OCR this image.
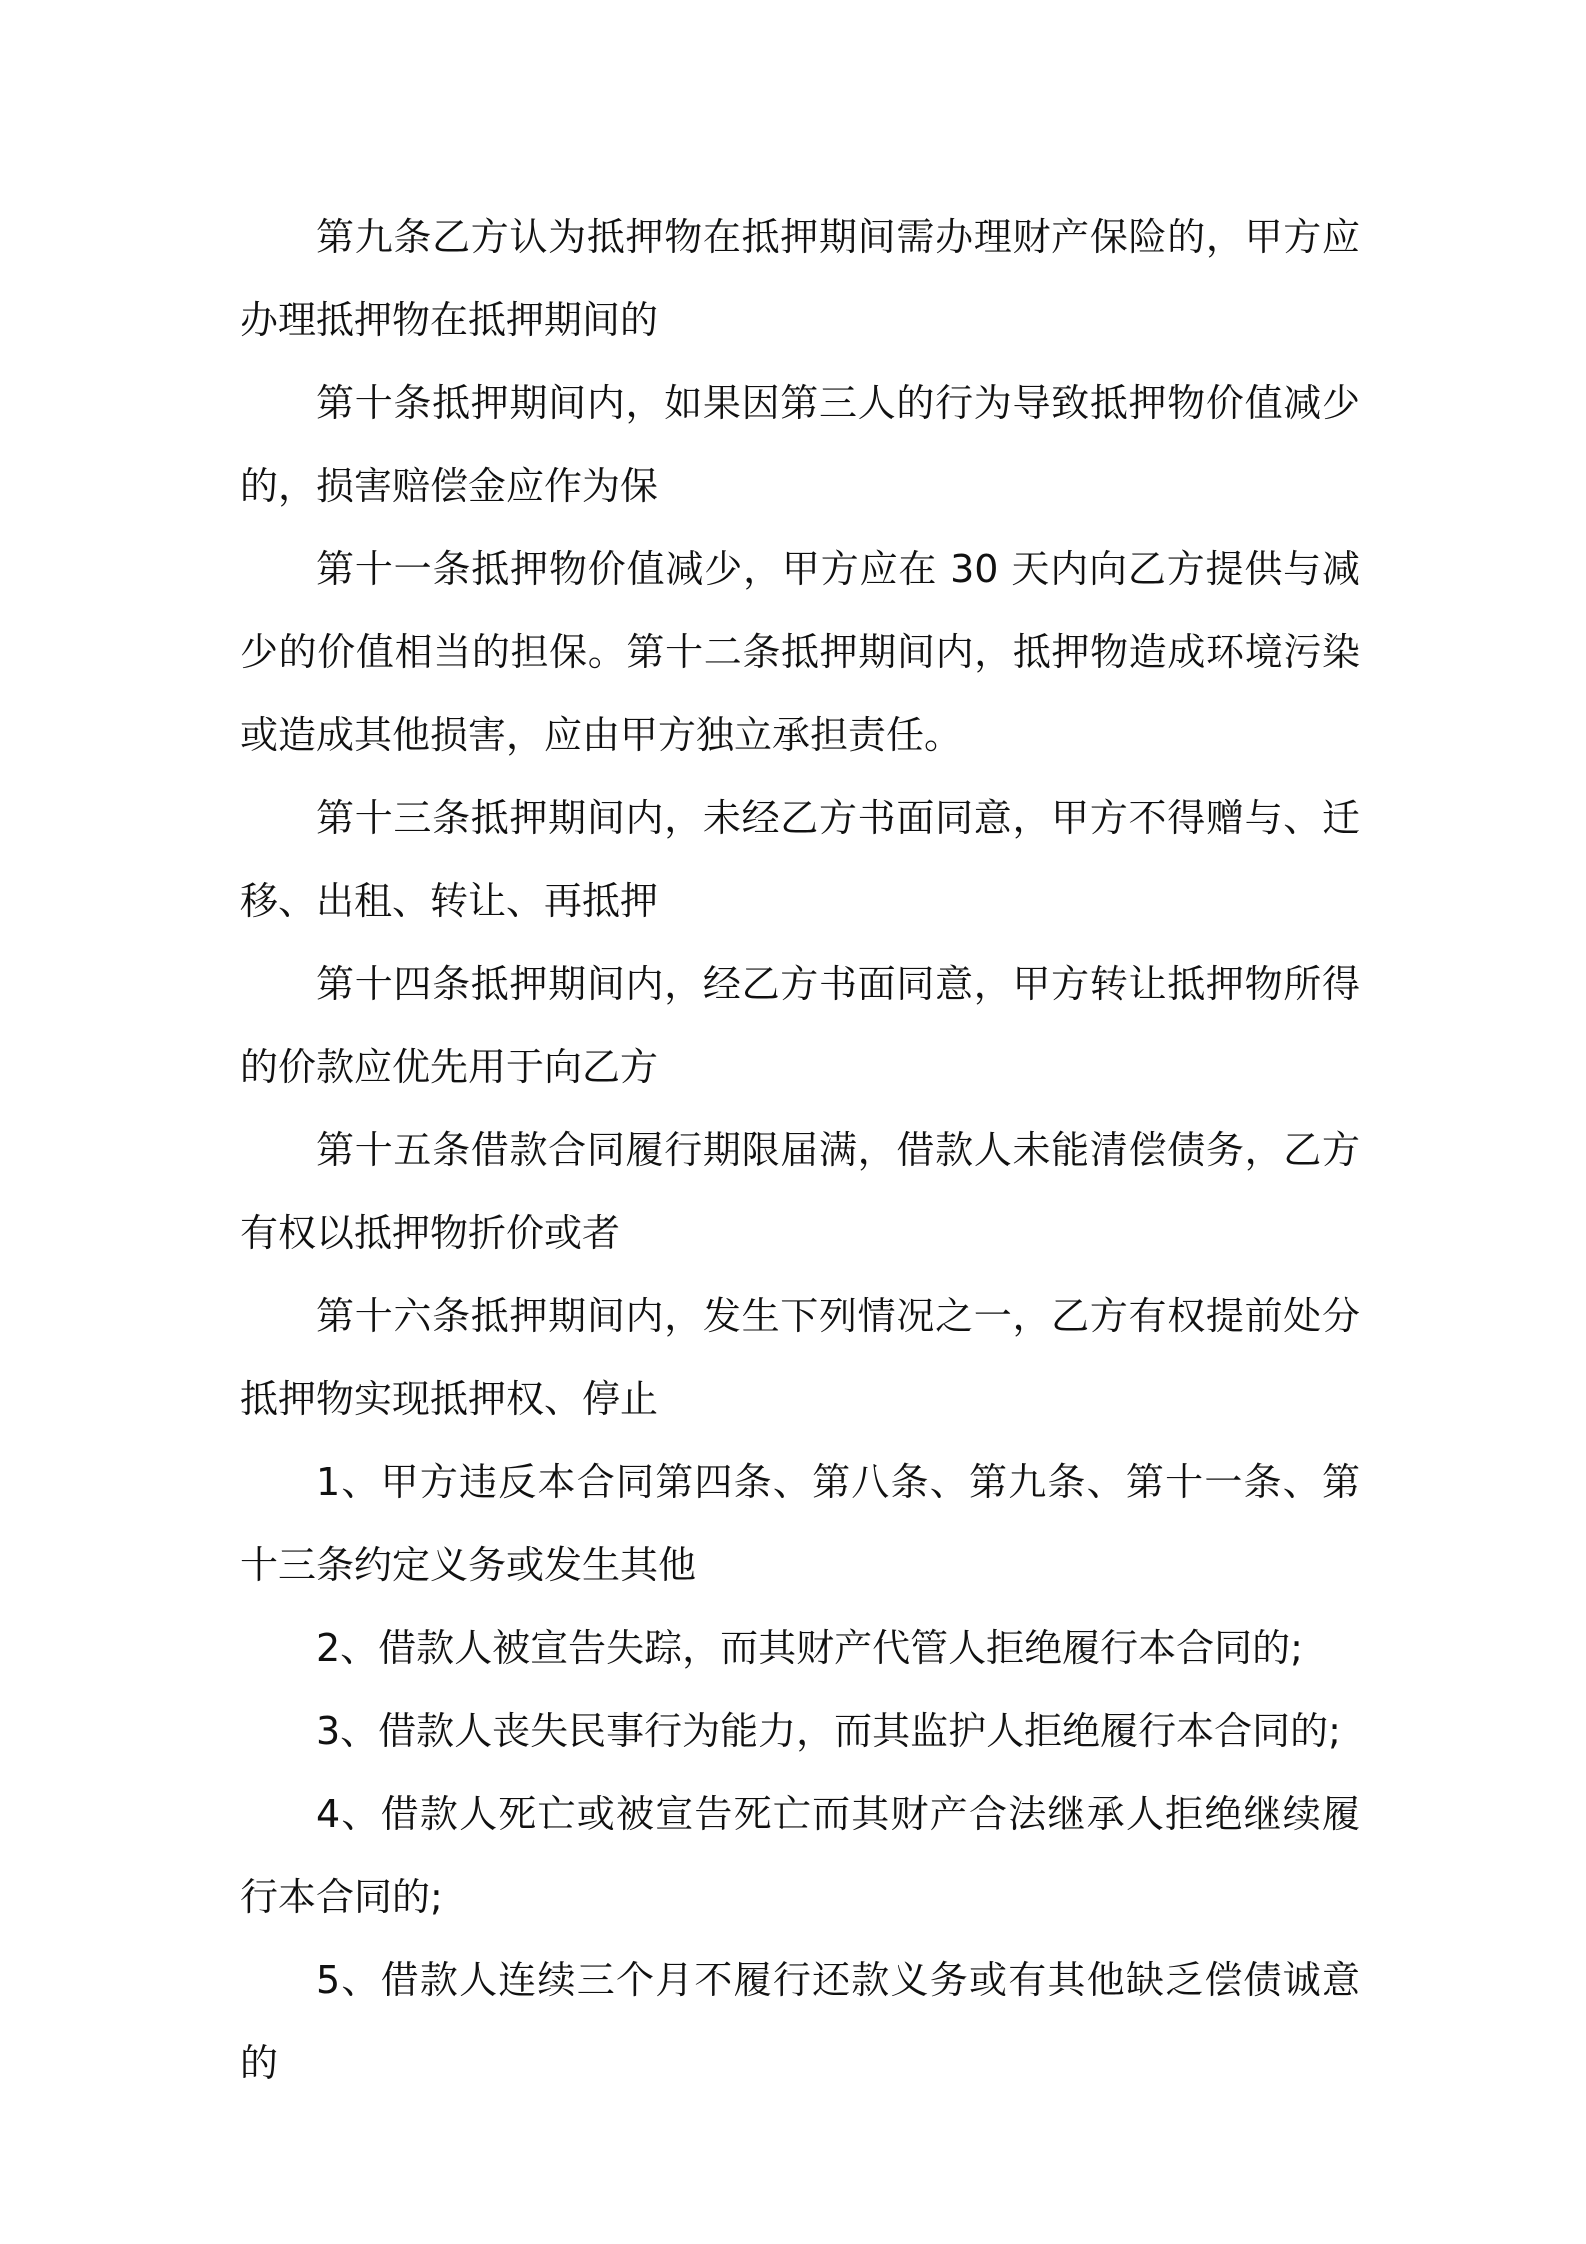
第九条乙方认为抵押物在抵押期间需办理财产保险的，甲方应办理抵押物在抵押期间的

第十条抵押期间内，如果因第三人的行为导致抵押物价值减少的，损害赔偿金应作为保

第十一条抵押物价值减少，甲方应在 30 天内向乙方提供与减少的价值相当的担保。第十二条抵押期间内，抵押物造成环境污染或造成其他损害，应由甲方独立承担责任。

第十三条抵押期间内，未经乙方书面同意，甲方不得赠与、迁移、出租、转让、再抵押

第十四条抵押期间内，经乙方书面同意，甲方转让抵押物所得的价款应优先用于向乙方

第十五条借款合同履行期限届满，借款人未能清偿债务，乙方有权以抵押物折价或者

第十六条抵押期间内，发生下列情况之一，乙方有权提前处分抵押物实现抵押权、停止

1、甲方违反本合同第四条、第八条、第九条、第十一条、第十三条约定义务或发生其他

2、借款人被宣告失踪，而其财产代管人拒绝履行本合同的;

3、借款人丧失民事行为能力，而其监护人拒绝履行本合同的;

4、借款人死亡或被宣告死亡而其财产合法继承人拒绝继续履行本合同的;

5、借款人连续三个月不履行还款义务或有其他缺乏偿债诚意的
